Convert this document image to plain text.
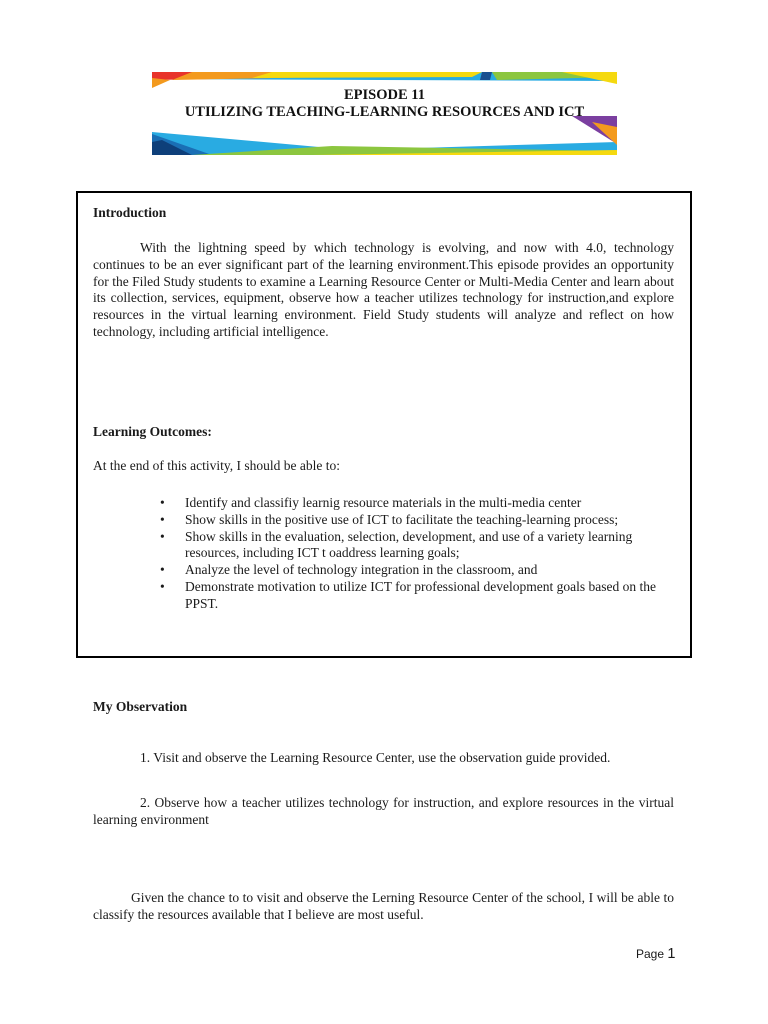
EPISODE 11
UTILIZING TEACHING-LEARNING RESOURCES AND ICT
Introduction
With the lightning speed by which technology is evolving, and now with 4.0, technology continues to be an ever significant part of the learning environment.This episode provides an opportunity for the Filed Study students to examine a Learning Resource Center or Multi-Media Center and learn about its collection, services, equipment, observe how a teacher utilizes technology for instruction,and explore resources in the virtual learning environment. Field Study students will analyze and reflect on how technology, including artificial intelligence.
Learning Outcomes:
At the end of this activity, I should be able to:
• Identify and classifiy learnig resource materials in the multi-media center
• Show skills in the positive use of ICT to facilitate the teaching-learning process;
• Show skills in the evaluation, selection, development, and use of a variety learning resources, including ICT t oaddress learning goals;
• Analyze the level of technology integration in the classroom, and
• Demonstrate motivation to utilize ICT for professional development goals based on the PPST.
My Observation
1. Visit and observe the Learning Resource Center, use the observation guide provided.
2. Observe how a teacher utilizes technology for instruction, and explore resources in the virtual learning environment
Given the chance to to visit and observe the Lerning Resource Center of the school, I will be able to classify the resources available that I believe are most useful.
Page 1
